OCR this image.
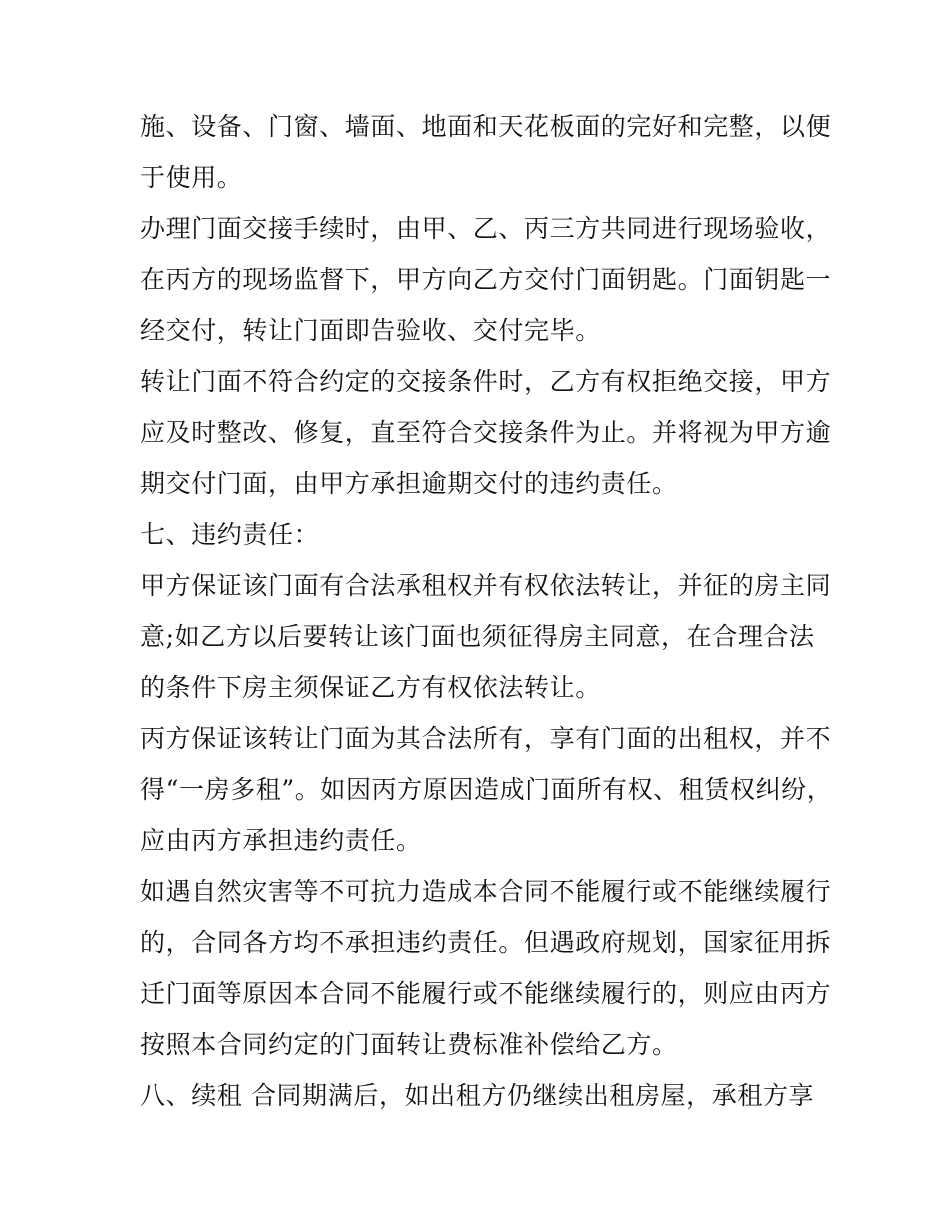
施、设备、门窗、墙面、地面和天花板面的完好和完整，以便
于使用。
办理门面交接手续时，由甲、乙、丙三方共同进行现场验收，
在丙方的现场监督下，甲方向乙方交付门面钥匙。门面钥匙一
经交付，转让门面即告验收、交付完毕。
转让门面不符合约定的交接条件时，乙方有权拒绝交接，甲方
应及时整改、修复，直至符合交接条件为止。并将视为甲方逾
期交付门面，由甲方承担逾期交付的违约责任。
七、违约责任：
甲方保证该门面有合法承租权并有权依法转让，并征的房主同
意;如乙方以后要转让该门面也须征得房主同意，在合理合法
的条件下房主须保证乙方有权依法转让。
丙方保证该转让门面为其合法所有，享有门面的出租权，并不
得“一房多租”。如因丙方原因造成门面所有权、租赁权纠纷，
应由丙方承担违约责任。
如遇自然灾害等不可抗力造成本合同不能履行或不能继续履行
的，合同各方均不承担违约责任。但遇政府规划，国家征用拆
迁门面等原因本合同不能履行或不能继续履行的，则应由丙方
按照本合同约定的门面转让费标准补偿给乙方。
八、续租 合同期满后，如出租方仍继续出租房屋，承租方享
